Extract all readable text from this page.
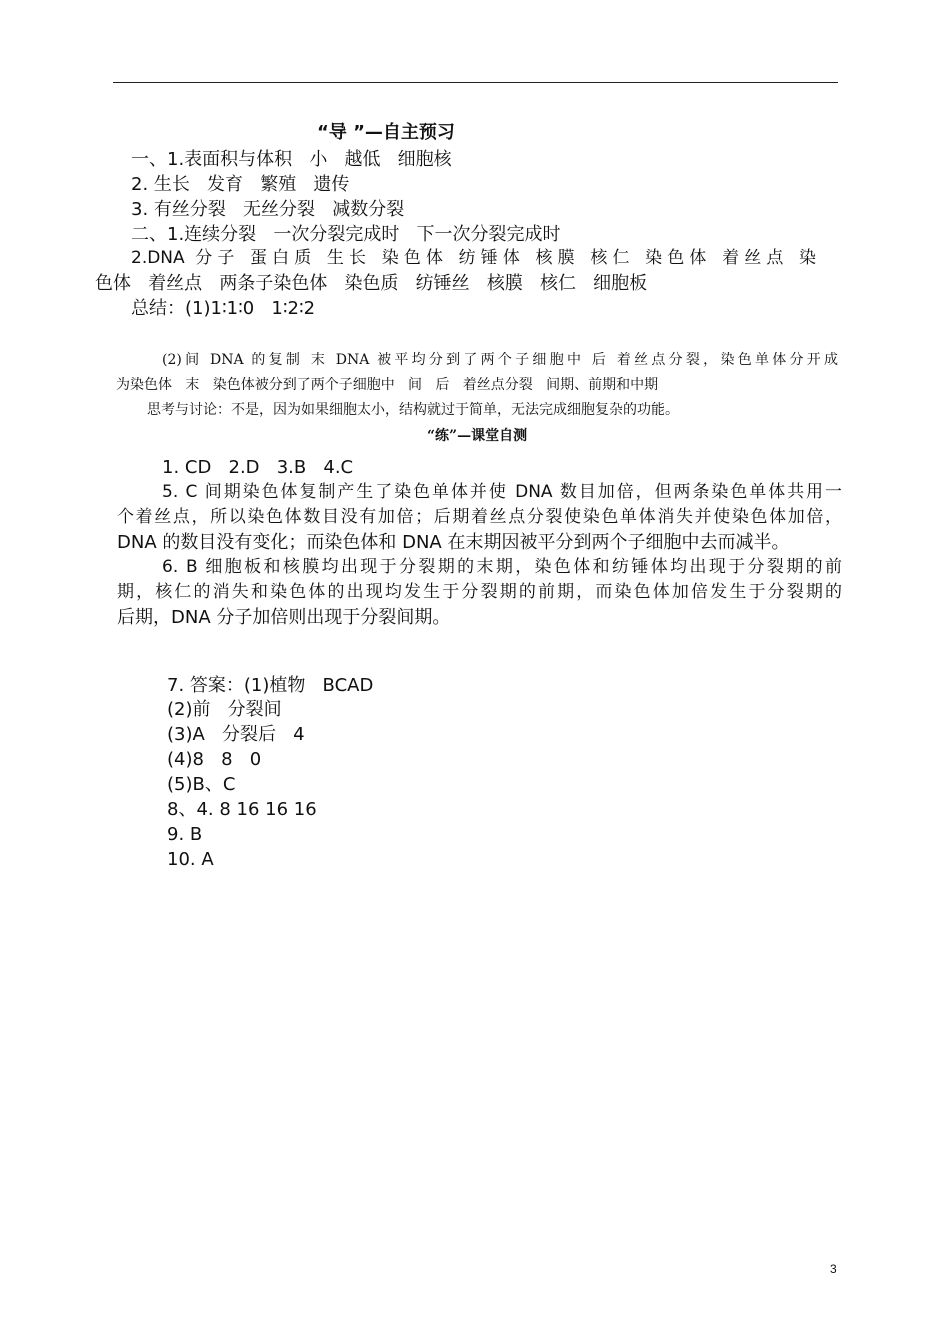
“导 ”—自主预习
一、1.表面积与体积   小   越低   细胞核
2. 生长   发育   繁殖   遗传
3. 有丝分裂   无丝分裂   减数分裂
二、1.连续分裂   一次分裂完成时   下一次分裂完成时
2.DNA 分子 蛋白质 生长 染色体 纺锤体 核膜 核仁 染色体 着丝点 染
色体   着丝点   两条子染色体   染色质   纺锤丝   核膜   核仁   细胞板
总结：(1)1∶1∶0   1∶2∶2
(2)间 DNA 的复制 末 DNA 被平均分到了两个子细胞中 后 着丝点分裂，染色单体分开成
为染色体   末   染色体被分到了两个子细胞中   间   后   着丝点分裂   间期、前期和中期
思考与讨论：不是，因为如果细胞太小，结构就过于简单，无法完成细胞复杂的功能。
“练”—课堂自测
1. CD   2.D   3.B   4.C
5. C 间期染色体复制产生了染色单体并使 DNA 数目加倍，但两条染色单体共用一
个着丝点，所以染色体数目没有加倍；后期着丝点分裂使染色单体消失并使染色体加倍，
DNA 的数目没有变化；而染色体和 DNA 在末期因被平分到两个子细胞中去而减半。
6. B 细胞板和核膜均出现于分裂期的末期，染色体和纺锤体均出现于分裂期的前
期，核仁的消失和染色体的出现均发生于分裂期的前期，而染色体加倍发生于分裂期的
后期，DNA 分子加倍则出现于分裂间期。
7. 答案：(1)植物   BCAD
(2)前   分裂间
(3)A   分裂后   4
(4)8   8   0
(5)B、C
8、4. 8 16 16 16
9. B
10. A
3
